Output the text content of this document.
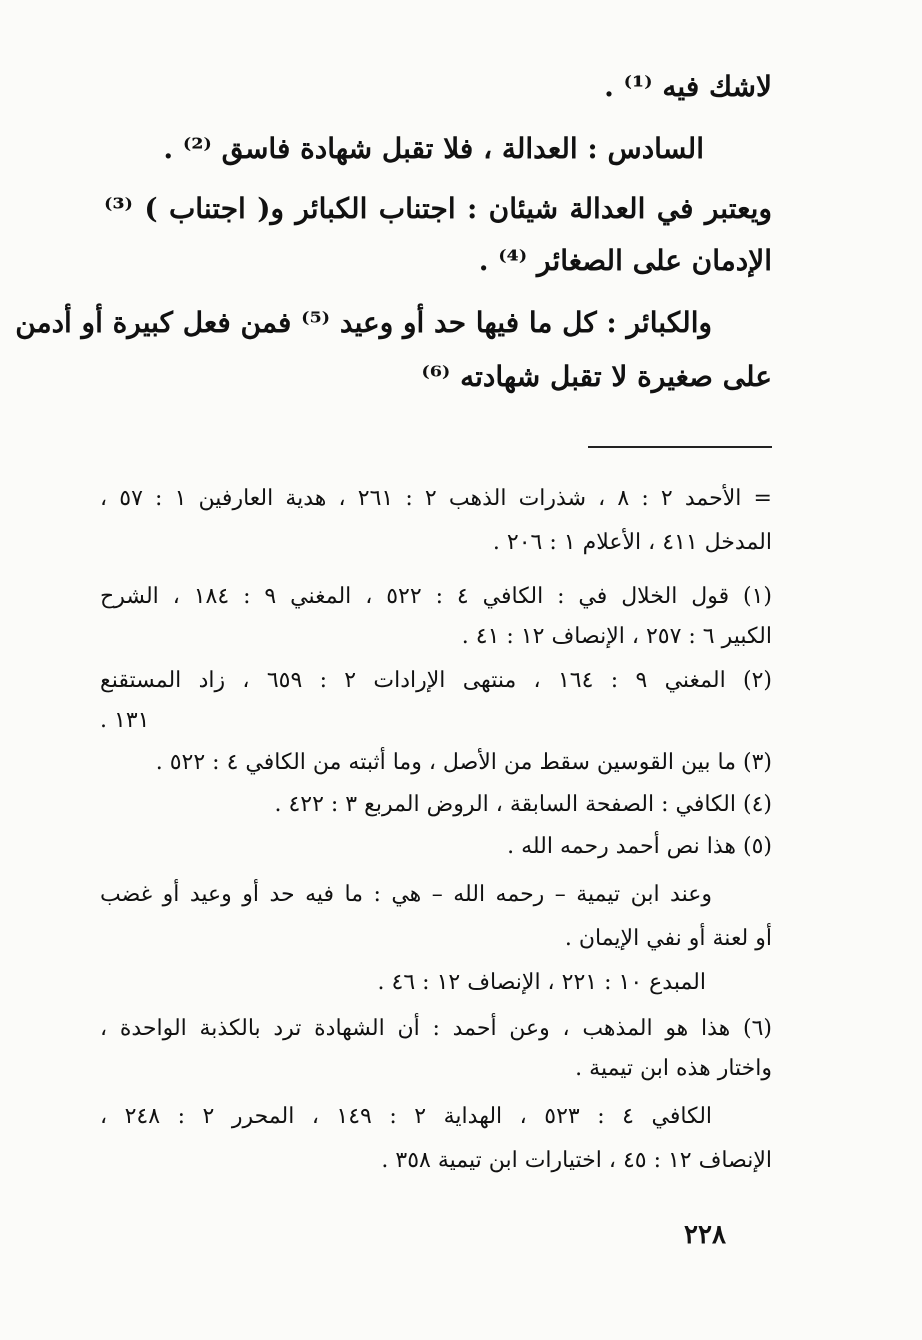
لاشك فيه ⁽¹⁾ .
السادس : العدالة ، فلا تقبل شهادة فاسق ⁽²⁾ .
ويعتبر في العدالة شيئان : اجتناب الكبائر و( اجتناب ) ⁽³⁾
الإدمان على الصغائر ⁽⁴⁾ .
والكبائر : كل ما فيها حد أو وعيد ⁽⁵⁾ فمن فعل كبيرة أو أدمن
على صغيرة لا تقبل شهادته ⁽⁶⁾
= الأحمد ٢ : ٨ ، شذرات الذهب ٢ : ٢٦١ ، هدية العارفين ١ : ٥٧ ،
المدخل ٤١١ ، الأعلام ١ : ٢٠٦ .
(١) قول الخلال في : الكافي ٤ : ٥٢٢ ، المغني ٩ : ١٨٤ ، الشرح
الكبير ٦ : ٢٥٧ ، الإنصاف ١٢ : ٤١ .
(٢) المغني ٩ : ١٦٤ ، منتهى الإرادات ٢ : ٦٥٩ ، زاد المستقنع
١٣١ .
(٣) ما بين القوسين سقط من الأصل ، وما أثبته من الكافي ٤ : ٥٢٢ .
(٤) الكافي : الصفحة السابقة ، الروض المربع ٣ : ٤٢٢ .
(٥) هذا نص أحمد رحمه الله .
وعند ابن تيمية – رحمه الله – هي : ما فيه حد أو وعيد أو غضب
أو لعنة أو نفي الإيمان .
المبدع ١٠ : ٢٢١ ، الإنصاف ١٢ : ٤٦ .
(٦) هذا هو المذهب ، وعن أحمد : أن الشهادة ترد بالكذبة الواحدة ،
واختار هذه ابن تيمية .
الكافي ٤ : ٥٢٣ ، الهداية ٢ : ١٤٩ ، المحرر ٢ : ٢٤٨ ،
الإنصاف ١٢ : ٤٥ ، اختيارات ابن تيمية ٣٥٨ .
٢٢٨
